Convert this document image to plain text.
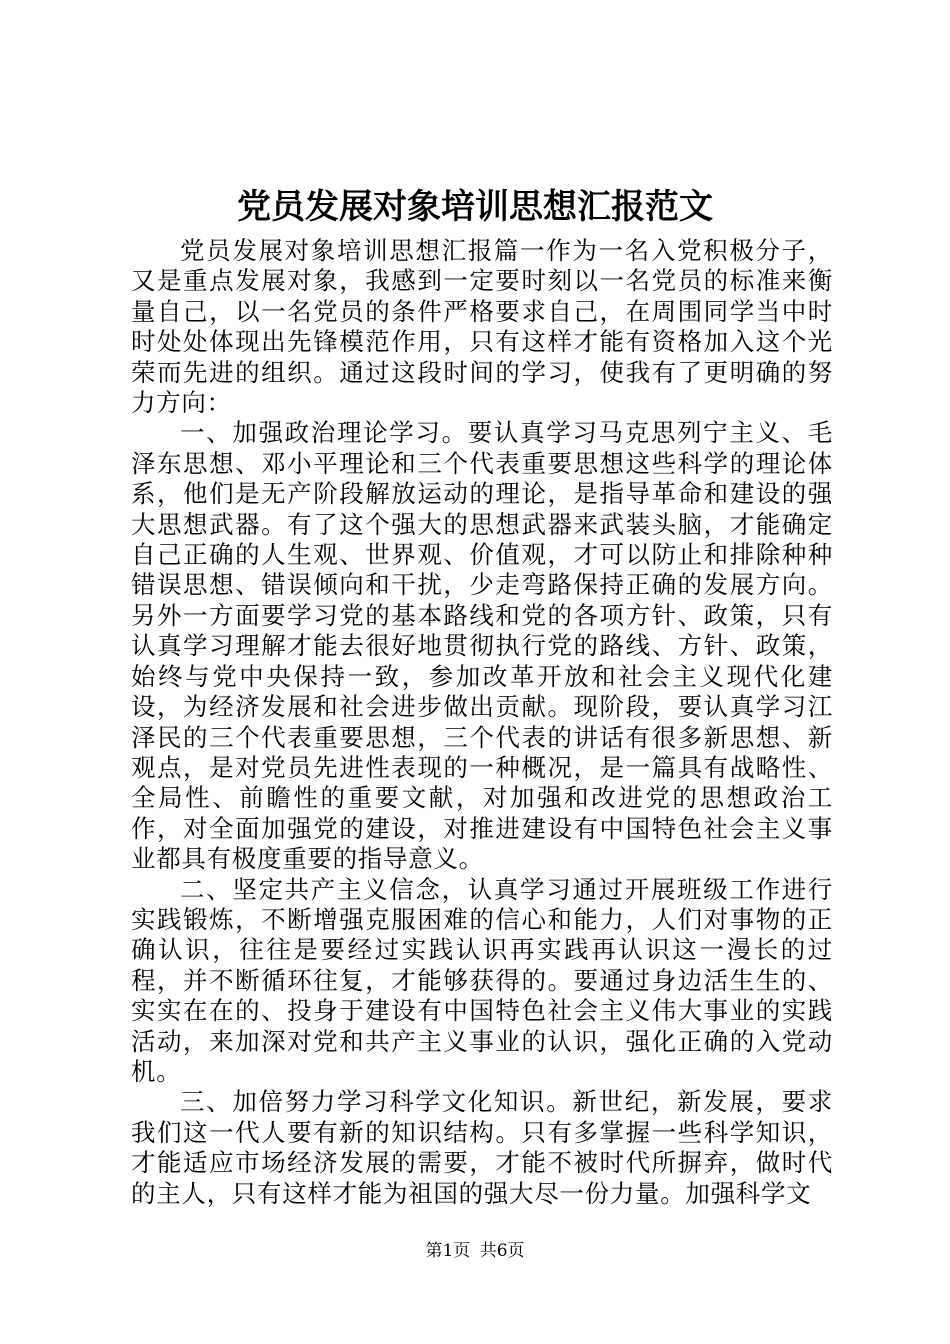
党员发展对象培训思想汇报范文

党员发展对象培训思想汇报篇一作为一名入党积极分子，又是重点发展对象，我感到一定要时刻以一名党员的标准来衡量自己，以一名党员的条件严格要求自己，在周围同学当中时时处处体现出先锋模范作用，只有这样才能有资格加入这个光荣而先进的组织。通过这段时间的学习，使我有了更明确的努力方向：

一、加强政治理论学习。要认真学习马克思列宁主义、毛泽东思想、邓小平理论和三个代表重要思想这些科学的理论体系，他们是无产阶段解放运动的理论，是指导革命和建设的强大思想武器。有了这个强大的思想武器来武装头脑，才能确定自己正确的人生观、世界观、价值观，才可以防止和排除种种错误思想、错误倾向和干扰，少走弯路保持正确的发展方向。另外一方面要学习党的基本路线和党的各项方针、政策，只有认真学习理解才能去很好地贯彻执行党的路线、方针、政策，始终与党中央保持一致，参加改革开放和社会主义现代化建设，为经济发展和社会进步做出贡献。现阶段，要认真学习江泽民的三个代表重要思想，三个代表的讲话有很多新思想、新观点，是对党员先进性表现的一种概况，是一篇具有战略性、全局性、前瞻性的重要文献，对加强和改进党的思想政治工作，对全面加强党的建设，对推进建设有中国特色社会主义事业都具有极度重要的指导意义。

二、坚定共产主义信念，认真学习通过开展班级工作进行实践锻炼，不断增强克服困难的信心和能力，人们对事物的正确认识，往往是要经过实践认识再实践再认识这一漫长的过程，并不断循环往复，才能够获得的。要通过身边活生生的、实实在在的、投身于建设有中国特色社会主义伟大事业的实践活动，来加深对党和共产主义事业的认识，强化正确的入党动机。

三、加倍努力学习科学文化知识。新世纪，新发展，要求我们这一代人要有新的知识结构。只有多掌握一些科学知识，才能适应市场经济发展的需要，才能不被时代所摒弃，做时代的主人，只有这样才能为祖国的强大尽一份力量。加强科学文

第1页 共6页
